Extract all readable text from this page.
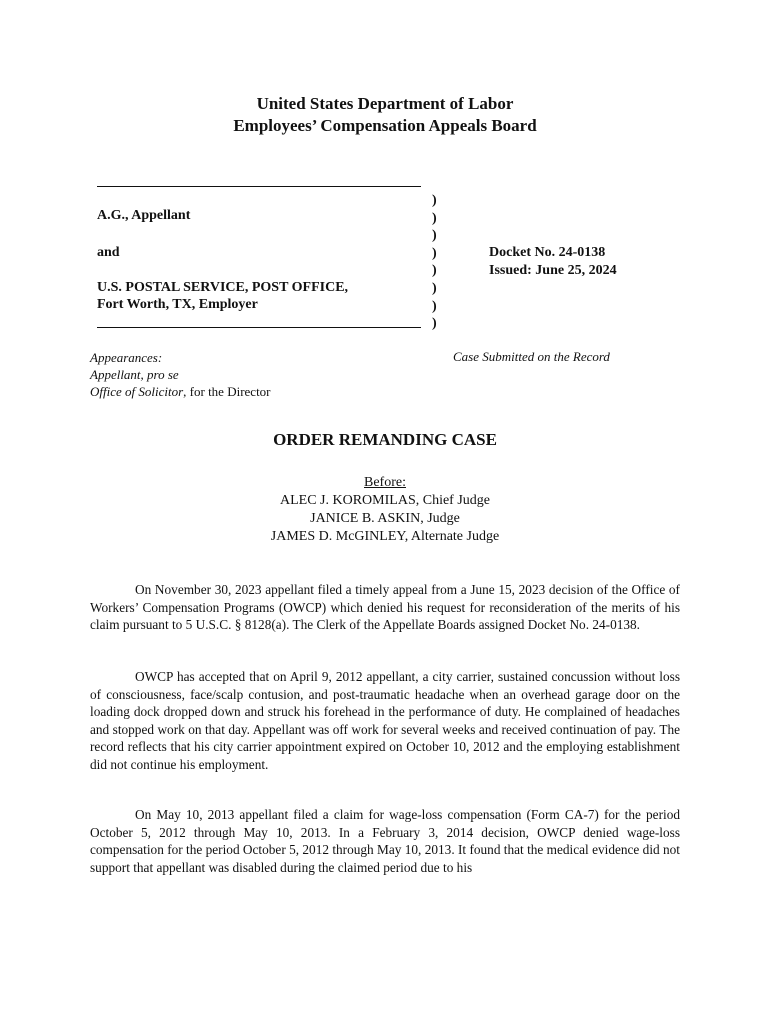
United States Department of Labor
Employees’ Compensation Appeals Board
A.G., Appellant
and
U.S. POSTAL SERVICE, POST OFFICE,
Fort Worth, TX, Employer
)
)
)
)
)
)
)
)
Docket No. 24-0138
Issued: June 25, 2024
Appearances:
Appellant, pro se
Office of Solicitor, for the Director
Case Submitted on the Record
ORDER REMANDING CASE
Before:
ALEC J. KOROMILAS, Chief Judge
JANICE B. ASKIN, Judge
JAMES D. McGINLEY, Alternate Judge

On November 30, 2023 appellant filed a timely appeal from a June 15, 2023 decision of the Office of Workers’ Compensation Programs (OWCP) which denied his request for reconsideration of the merits of his claim pursuant to 5 U.S.C. § 8128(a). The Clerk of the Appellate Boards assigned Docket No. 24-0138.

OWCP has accepted that on April 9, 2012 appellant, a city carrier, sustained concussion without loss of consciousness, face/scalp contusion, and post-traumatic headache when an overhead garage door on the loading dock dropped down and struck his forehead in the performance of duty. He complained of headaches and stopped work on that day. Appellant was off work for several weeks and received continuation of pay. The record reflects that his city carrier appointment expired on October 10, 2012 and the employing establishment did not continue his employment.

On May 10, 2013 appellant filed a claim for wage-loss compensation (Form CA-7) for the period October 5, 2012 through May 10, 2013. In a February 3, 2014 decision, OWCP denied wage-loss compensation for the period October 5, 2012 through May 10, 2013. It found that the medical evidence did not support that appellant was disabled during the claimed period due to his
